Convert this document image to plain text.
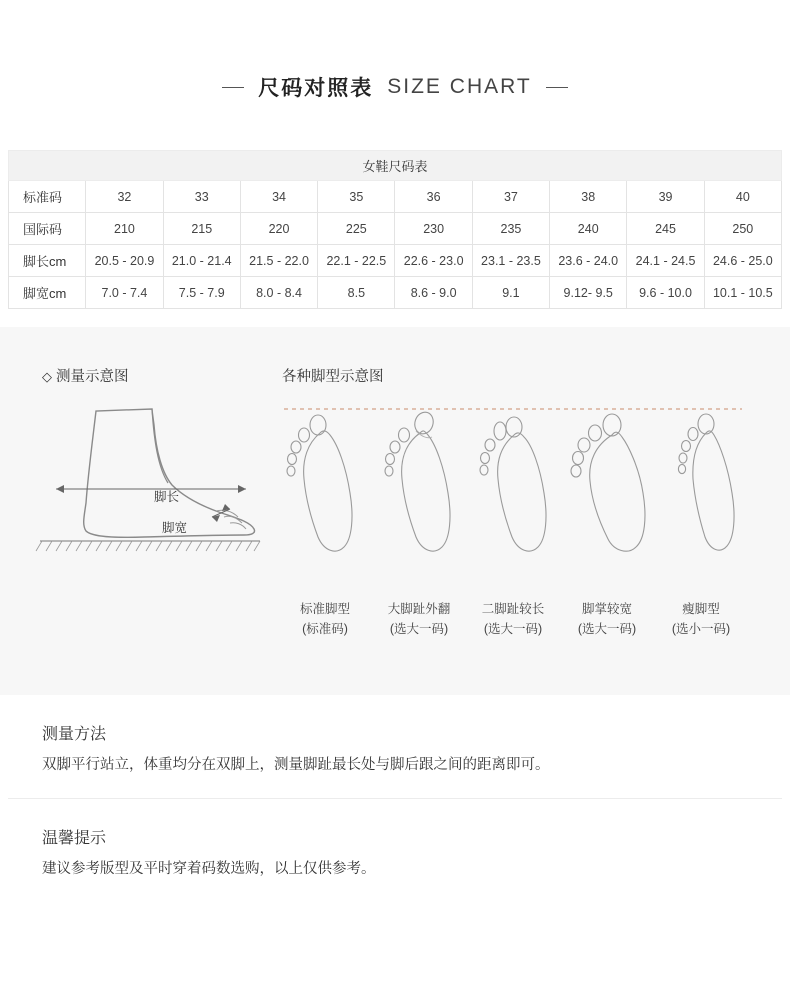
尺码对照表 SIZE CHART
女鞋尺码表									
标准码	32	33	34	35	36	37	38	39	40
国际码	210	215	220	225	230	235	240	245	250
脚长cm	20.5 - 20.9	21.0 - 21.4	21.5 - 22.0	22.1 - 22.5	22.6 - 23.0	23.1 - 23.5	23.6 - 24.0	24.1 - 24.5	24.6 - 25.0
脚宽cm	7.0 - 7.4	7.5 - 7.9	8.0 - 8.4	8.5	8.6 - 9.0	9.1	9.12- 9.5	9.6 - 10.0	10.1 - 10.5
◇ 测量示意图	各种脚型示意图
脚长
脚宽
标准脚型
(标准码)
大脚趾外翻
(选大一码)
二脚趾较长
(选大一码)
脚掌较宽
(选大一码)
瘦脚型
(选小一码)
测量方法
双脚平行站立，体重均分在双脚上，测量脚趾最长处与脚后跟之间的距离即可。
温馨提示
建议参考版型及平时穿着码数选购，以上仅供参考。
